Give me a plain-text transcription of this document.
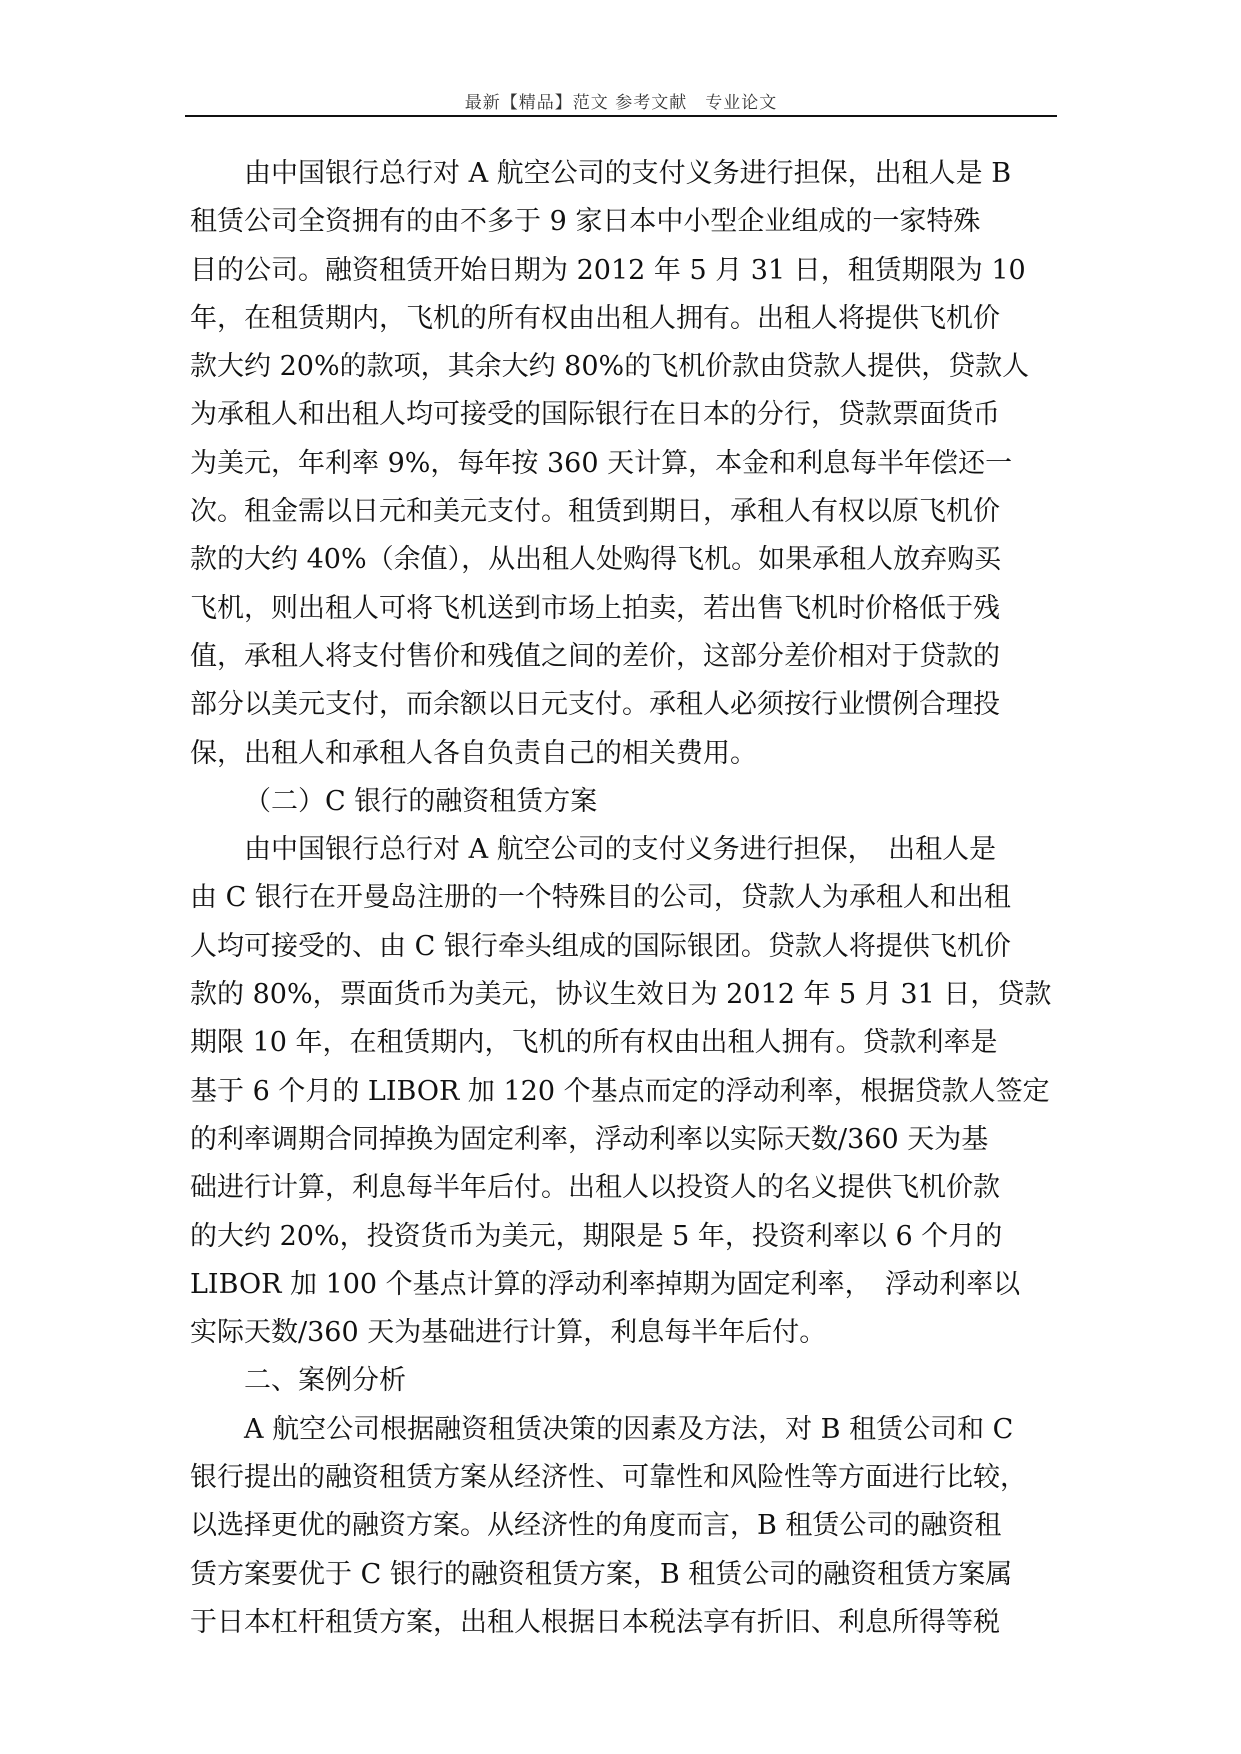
最新【精品】范文 参考文献　专业论文
由中国银行总行对 A 航空公司的支付义务进行担保，出租人是 B
租赁公司全资拥有的由不多于 9 家日本中小型企业组成的一家特殊
目的公司。融资租赁开始日期为 2012 年 5 月 31 日，租赁期限为 10
年，在租赁期内，飞机的所有权由出租人拥有。出租人将提供飞机价
款大约 20%的款项，其余大约 80%的飞机价款由贷款人提供，贷款人
为承租人和出租人均可接受的国际银行在日本的分行，贷款票面货币
为美元，年利率 9%，每年按 360 天计算，本金和利息每半年偿还一
次。租金需以日元和美元支付。租赁到期日，承租人有权以原飞机价
款的大约 40%（余值），从出租人处购得飞机。如果承租人放弃购买
飞机，则出租人可将飞机送到市场上拍卖，若出售飞机时价格低于残
值，承租人将支付售价和残值之间的差价，这部分差价相对于贷款的
部分以美元支付，而余额以日元支付。承租人必须按行业惯例合理投
保，出租人和承租人各自负责自己的相关费用。
（二）C 银行的融资租赁方案
由中国银行总行对 A 航空公司的支付义务进行担保，　出租人是
由 C 银行在开曼岛注册的一个特殊目的公司，贷款人为承租人和出租
人均可接受的、由 C 银行牵头组成的国际银团。贷款人将提供飞机价
款的 80%，票面货币为美元，协议生效日为 2012 年 5 月 31 日，贷款
期限 10 年，在租赁期内，飞机的所有权由出租人拥有。贷款利率是
基于 6 个月的 LIBOR 加 120 个基点而定的浮动利率，根据贷款人签定
的利率调期合同掉换为固定利率，浮动利率以实际天数/360 天为基
础进行计算，利息每半年后付。出租人以投资人的名义提供飞机价款
的大约 20%，投资货币为美元，期限是 5 年，投资利率以 6 个月的
LIBOR 加 100 个基点计算的浮动利率掉期为固定利率，　浮动利率以
实际天数/360 天为基础进行计算，利息每半年后付。
二、案例分析
A 航空公司根据融资租赁决策的因素及方法，对 B 租赁公司和 C
银行提出的融资租赁方案从经济性、可靠性和风险性等方面进行比较，
以选择更优的融资方案。从经济性的角度而言，B 租赁公司的融资租
赁方案要优于 C 银行的融资租赁方案，B 租赁公司的融资租赁方案属
于日本杠杆租赁方案，出租人根据日本税法享有折旧、利息所得等税
